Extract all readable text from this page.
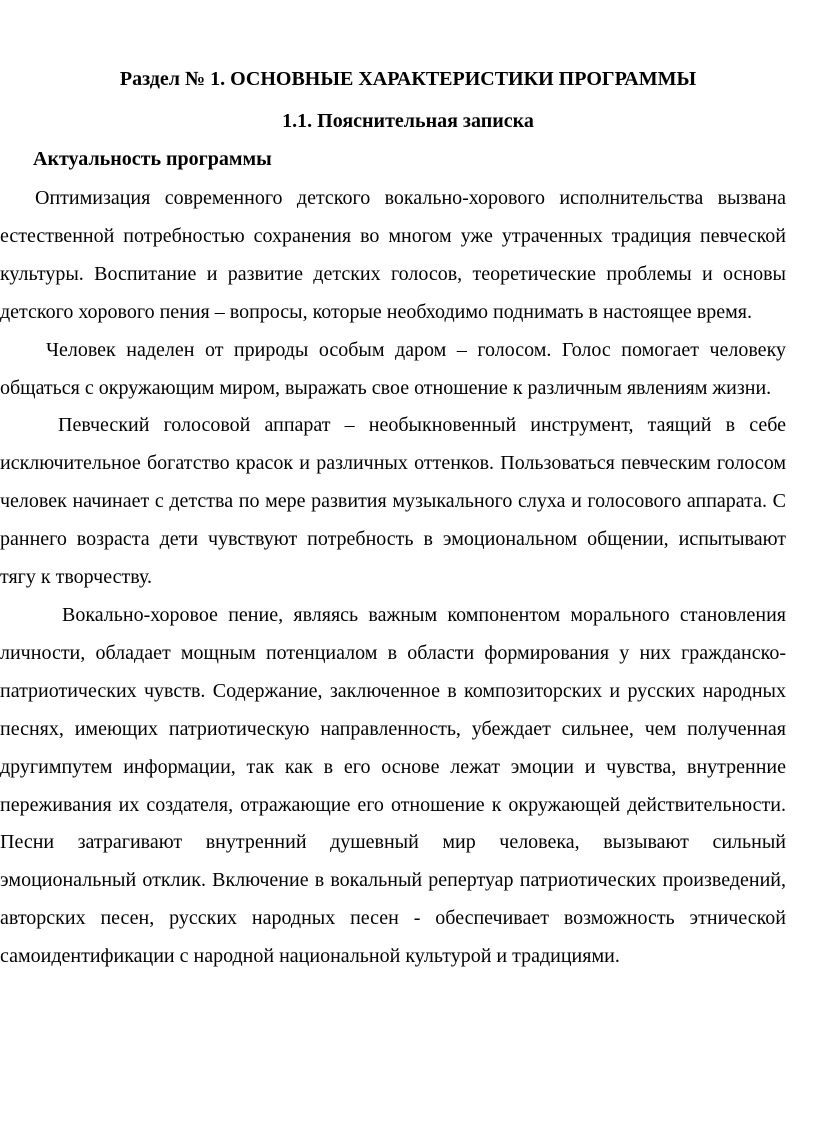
Раздел № 1. ОСНОВНЫЕ ХАРАКТЕРИСТИКИ ПРОГРАММЫ
1.1. Пояснительная записка
Актуальность программы

Оптимизация современного детского вокально-хорового исполнительства вызвана естественной потребностью сохранения во многом уже утраченных традиция певческой культуры. Воспитание и развитие детских голосов, теоретические проблемы и основы детского хорового пения – вопросы, которые необходимо поднимать в настоящее время.

Человек наделен от природы особым даром – голосом. Голос помогает человеку общаться с окружающим миром, выражать свое отношение к различным явлениям жизни.

Певческий голосовой аппарат – необыкновенный инструмент, таящий в себе исключительное богатство красок и различных оттенков. Пользоваться певческим голосом человек начинает с детства по мере развития музыкального слуха и голосового аппарата. С раннего возраста дети чувствуют потребность в эмоциональном общении, испытывают тягу к творчеству.

Вокально-хоровое пение, являясь важным компонентом морального становления личности, обладает мощным потенциалом в области формирования у них гражданско-патриотических чувств. Содержание, заключенное в композиторских и русских народных песнях, имеющих патриотическую направленность, убеждает сильнее, чем полученная другимпутем информации, так как в его основе лежат эмоции и чувства, внутренние переживания их создателя, отражающие его отношение к окружающей действительности. Песни затрагивают внутренний душевный мир человека, вызывают сильный эмоциональный отклик. Включение в вокальный репертуар патриотических произведений, авторских песен, русских народных песен - обеспечивает возможность этнической самоидентификации с народной национальной культурой и традициями.
